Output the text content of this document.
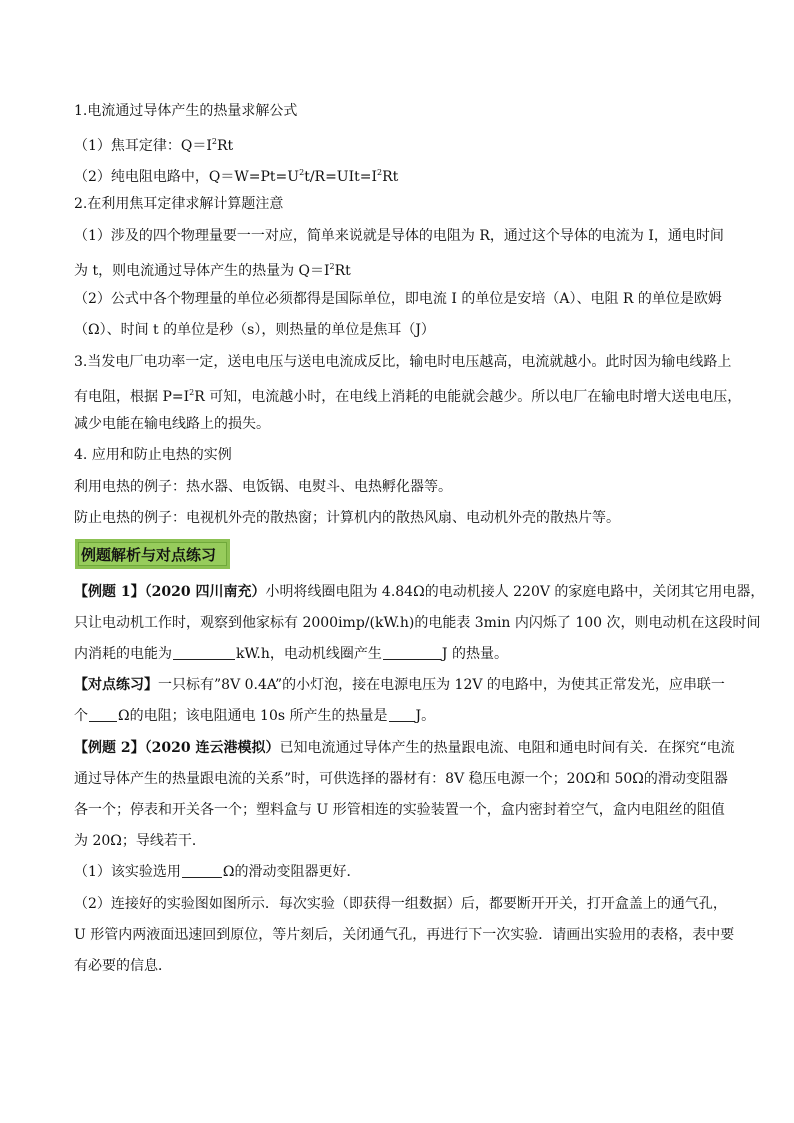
1.电流通过导体产生的热量求解公式
（1）焦耳定律：$Q=I^2Rt$
（2）纯电阻电路中，$Q=W=Pt=U^2t/R=UIt=I^2Rt$
2.在利用焦耳定律求解计算题注意
（1）涉及的四个物理量要一一对应，简单来说就是导体的电阻为 R，通过这个导体的电流为 I，通电时间
为 t，则电流通过导体产生的热量为 $Q=I^2Rt$
（2）公式中各个物理量的单位必须都得是国际单位，即电流 I 的单位是安培（A）、电阻 R 的单位是欧姆
（Ω）、时间 t 的单位是秒（s），则热量的单位是焦耳（J）
3.当发电厂电功率一定，送电电压与送电电流成反比，输电时电压越高，电流就越小。此时因为输电线路上
有电阻，根据 $P=I^2R$ 可知，电流越小时，在电线上消耗的电能就会越少。所以电厂在输电时增大送电电压，
减少电能在输电线路上的损失。
4. 应用和防止电热的实例
利用电热的例子：热水器、电饭锅、电熨斗、电热孵化器等。
防止电热的例子：电视机外壳的散热窗；计算机内的散热风扇、电动机外壳的散热片等。
例题解析与对点练习
【例题 1】（2020 四川南充）小明将线圈电阻为 4.84Ω的电动机接人 220V 的家庭电路中，关闭其它用电器，
只让电动机工作时，观察到他家标有 2000imp/(kW.h)的电能表 3min 内闪烁了 100 次，则电动机在这段时间
内消耗的电能为	kW.h，电动机线圈产生	J 的热量。
【对点练习】一只标有”8V 0.4A”的小灯泡，接在电源电压为 12V 的电路中，为使其正常发光，应串联一
个 Ω的电阻；该电阻通电 10s 所产生的热量是 J。
【例题 2】（2020 连云港模拟）已知电流通过导体产生的热量跟电流、电阻和通电时间有关．在探究“电流
通过导体产生的热量跟电流的关系”时，可供选择的器材有：8V 稳压电源一个；20Ω和 50Ω的滑动变阻器
各一个；停表和开关各一个；塑料盒与 U 形管相连的实验装置一个，盒内密封着空气，盒内电阻丝的阻值
为 20Ω；导线若干．
（1）该实验选用	Ω的滑动变阻器更好．
（2）连接好的实验图如图所示．每次实验（即获得一组数据）后，都要断开开关，打开盒盖上的通气孔，
U 形管内两液面迅速回到原位，等片刻后，关闭通气孔，再进行下一次实验．请画出实验用的表格，表中要
有必要的信息．
